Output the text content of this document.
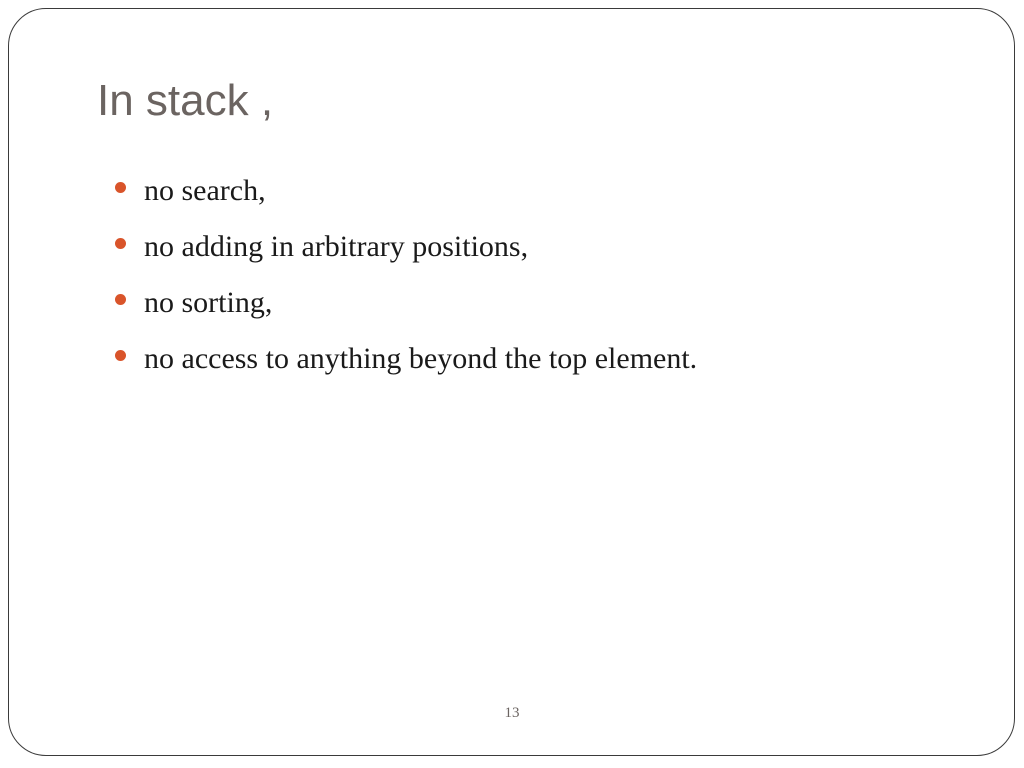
In stack ,
no search,
no adding in arbitrary positions,
no sorting,
no access to anything beyond the top element.
13
